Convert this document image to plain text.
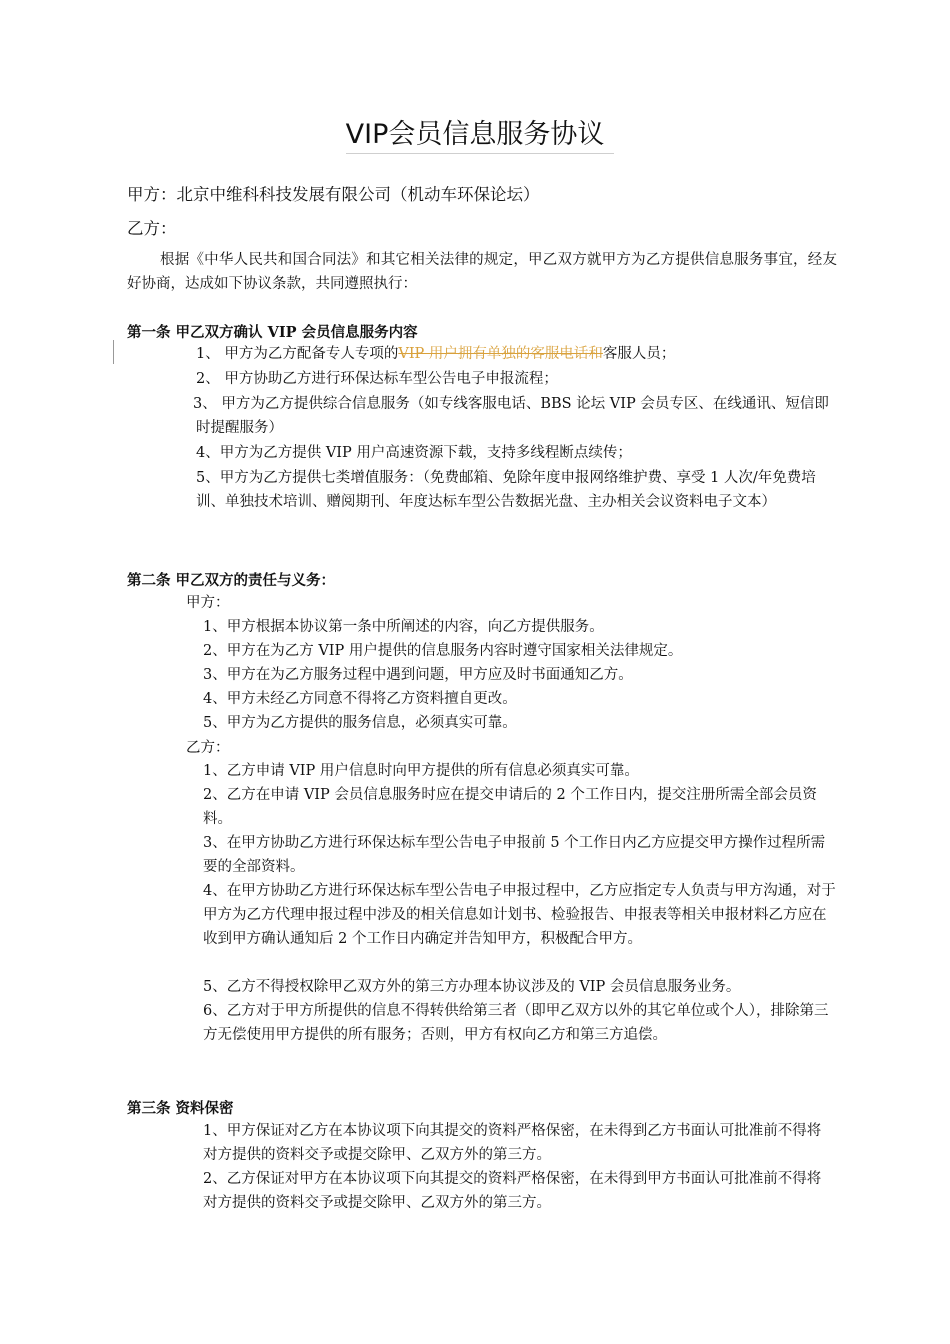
VIP会员信息服务协议
甲方：北京中维科科技发展有限公司（机动车环保论坛）
乙方：
根据《中华人民共和国合同法》和其它相关法律的规定，甲乙双方就甲方为乙方提供信息服务事宜，经友好协商，达成如下协议条款，共同遵照执行：
第一条 甲乙双方确认 VIP 会员信息服务内容
1、 甲方为乙方配备专人专项的VIP 用户拥有单独的客服电话和客服人员；
2、 甲方协助乙方进行环保达标车型公告电子申报流程；
3、 甲方为乙方提供综合信息服务（如专线客服电话、BBS 论坛 VIP 会员专区、在线通讯、短信即时提醒服务）
4、甲方为乙方提供 VIP 用户高速资源下载，支持多线程断点续传；
5、甲方为乙方提供七类增值服务：（免费邮箱、免除年度申报网络维护费、享受 1 人次/年免费培训、单独技术培训、赠阅期刊、年度达标车型公告数据光盘、主办相关会议资料电子文本）
第二条 甲乙双方的责任与义务：
甲方：
1、甲方根据本协议第一条中所阐述的内容，向乙方提供服务。
2、甲方在为乙方 VIP 用户提供的信息服务内容时遵守国家相关法律规定。
3、甲方在为乙方服务过程中遇到问题，甲方应及时书面通知乙方。
4、甲方未经乙方同意不得将乙方资料擅自更改。
5、甲方为乙方提供的服务信息，必须真实可靠。
乙方：
1、乙方申请 VIP 用户信息时向甲方提供的所有信息必须真实可靠。
2、乙方在申请 VIP 会员信息服务时应在提交申请后的 2 个工作日内，提交注册所需全部会员资料。
3、在甲方协助乙方进行环保达标车型公告电子申报前 5 个工作日内乙方应提交甲方操作过程所需要的全部资料。
4、在甲方协助乙方进行环保达标车型公告电子申报过程中，乙方应指定专人负责与甲方沟通，对于甲方为乙方代理申报过程中涉及的相关信息如计划书、检验报告、申报表等相关申报材料乙方应在收到甲方确认通知后 2 个工作日内确定并告知甲方，积极配合甲方。
5、乙方不得授权除甲乙双方外的第三方办理本协议涉及的 VIP 会员信息服务业务。
6、乙方对于甲方所提供的信息不得转供给第三者（即甲乙双方以外的其它单位或个人），排除第三方无偿使用甲方提供的所有服务；否则，甲方有权向乙方和第三方追偿。
第三条 资料保密
1、甲方保证对乙方在本协议项下向其提交的资料严格保密，在未得到乙方书面认可批准前不得将对方提供的资料交予或提交除甲、乙双方外的第三方。
2、乙方保证对甲方在本协议项下向其提交的资料严格保密，在未得到甲方书面认可批准前不得将对方提供的资料交予或提交除甲、乙双方外的第三方。
